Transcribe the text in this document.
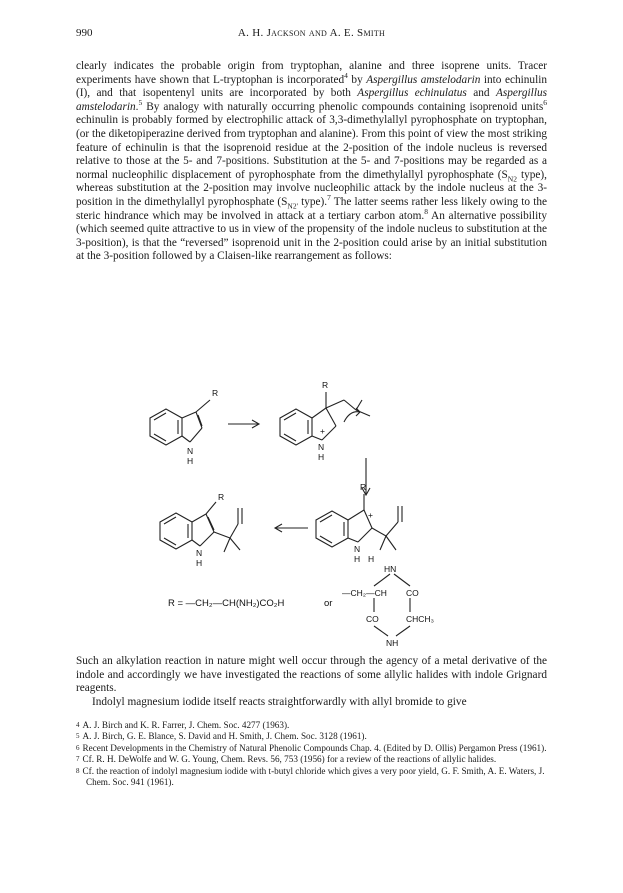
990	A. H. Jackson and A. E. Smith

clearly indicates the probable origin from tryptophan, alanine and three isoprene units. Tracer experiments have shown that L-tryptophan is incorporated$^4$ by Aspergillus amstelodarin into echinulin (I), and that isopentenyl units are incorporated by both Aspergillus echinulatus and Aspergillus amstelodarin.$^5$ By analogy with naturally occurring phenolic compounds containing isoprenoid units$^6$ echinulin is probably formed by electrophilic attack of 3,3-dimethylallyl pyrophosphate on tryptophan, (or the diketopiperazine derived from tryptophan and alanine). From this point of view the most striking feature of echinulin is that the isoprenoid residue at the 2-position of the indole nucleus is reversed relative to those at the 5- and 7-positions. Substitution at the 5- and 7-positions may be regarded as a normal nucleophilic displacement of pyrophosphate from the dimethylallyl pyrophosphate ($S_{N2}$ type), whereas substitution at the 2-position may involve nucleophilic attack by the indole nucleus at the 3-position in the dimethylallyl pyrophosphate ($S_{N2'}$ type).$^7$ The latter seems rather less likely owing to the steric hindrance which may be involved in attack at a tertiary carbon atom.$^8$ An alternative possibility (which seemed quite attractive to us in view of the propensity of the indole nucleus to substitution at the 3-position), is that the “reversed” isoprenoid unit in the 2-position could arise by an initial substitution at the 3-position followed by a Claisen-like rearrangement as follows:

R
N
H
R
+
N
H
R
+
N
H H
R
N
H
R = —CH₂—CH(NH₂)CO₂H	or
HN
—CH₂—CH CO
CO	CHCH₃
NH

Such an alkylation reaction in nature might well occur through the agency of a metal derivative of the indole and accordingly we have investigated the reactions of some allylic halides with indole Grignard reagents.

Indolyl magnesium iodide itself reacts straightforwardly with allyl bromide to give

$^4$ A. J. Birch and K. R. Farrer, J. Chem. Soc. 4277 (1963).

$^5$ A. J. Birch, G. E. Blance, S. David and H. Smith, J. Chem. Soc. 3128 (1961).

$^6$ Recent Developments in the Chemistry of Natural Phenolic Compounds Chap. 4. (Edited by D. Ollis) Pergamon Press (1961).

$^7$ Cf. R. H. DeWolfe and W. G. Young, Chem. Revs. 56, 753 (1956) for a review of the reactions of allylic halides.

$^8$ Cf. the reaction of indolyl magnesium iodide with t-butyl chloride which gives a very poor yield, G. F. Smith, A. E. Waters, J. Chem. Soc. 941 (1961).
